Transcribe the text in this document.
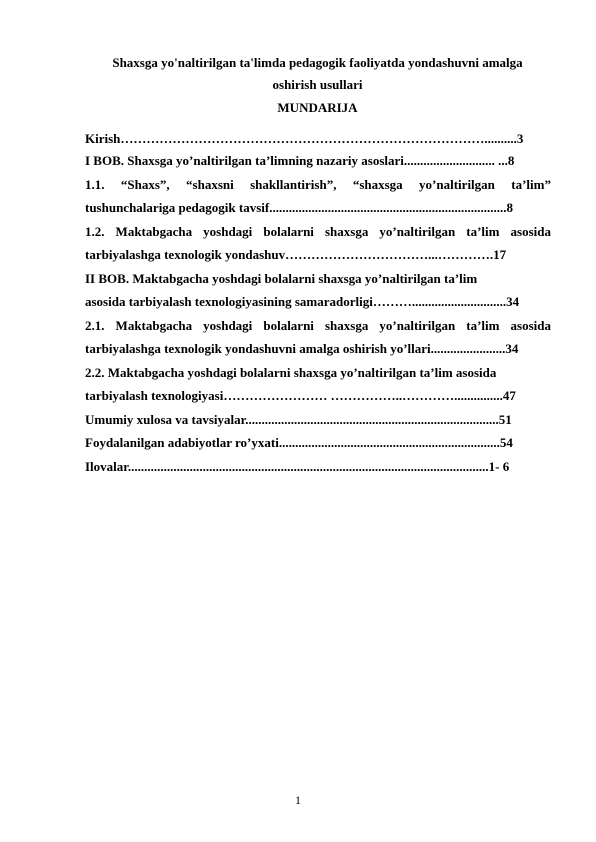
Shaxsga yo'naltirilgan ta'limda pedagogik faoliyatda yondashuvni amalga
oshirish usullari
MUNDARIJA
Kirish…………………………………………………………………………..........3
I BOB. Shaxsga yo’naltirilgan ta’limning nazariy asoslari............................ ...8
1.1. “Shaxs”, “shaxsni shakllantirish”, “shaxsga yo’naltirilgan ta’lim”
tushunchalariga pedagogik tavsif.........................................................................8
1.2. Maktabgacha yoshdagi bolalarni shaxsga yo’naltirilgan ta’lim asosida
tarbiyalashga texnologik yondashuv……………………………...………….17
II BOB. Maktabgacha yoshdagi bolalarni shaxsga yo’naltirilgan ta’lim
asosida tarbiyalash texnologiyasining samaradorligi……….............................34
2.1. Maktabgacha yoshdagi bolalarni shaxsga yo’naltirilgan ta’lim asosida
tarbiyalashga texnologik yondashuvni amalga oshirish yo’llari.......................34
2.2. Maktabgacha yoshdagi bolalarni shaxsga yo’naltirilgan ta’lim asosida
tarbiyalash texnologiyasi…………………… ……………..…………...............47
Umumiy xulosa va tavsiyalar..............................................................................51
Foydalanilgan adabiyotlar ro’yxati....................................................................54
Ilovalar...............................................................................................................1- 6
1
